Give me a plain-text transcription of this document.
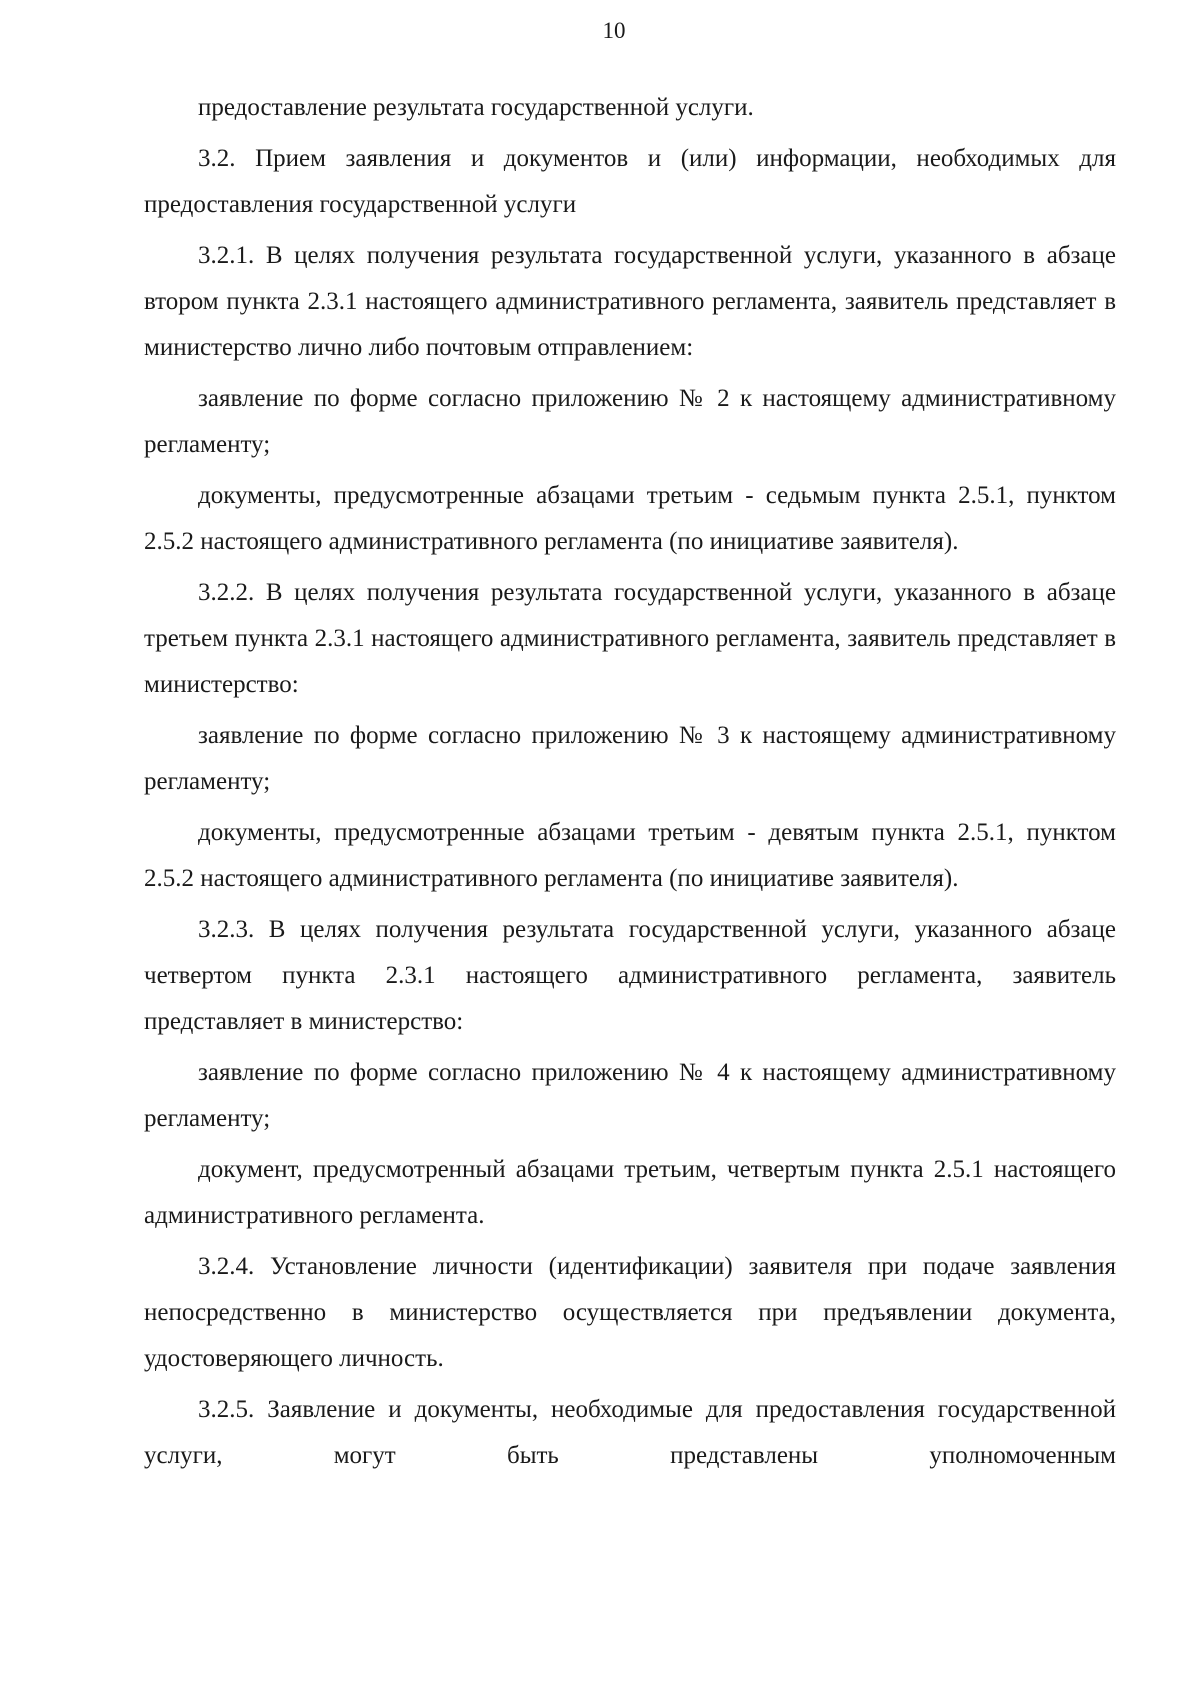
10

предоставление результата государственной услуги.

3.2. Прием заявления и документов и (или) информации, необходимых для предоставления государственной услуги

3.2.1. В целях получения результата государственной услуги, указанного в абзаце втором пункта 2.3.1 настоящего административного регламента, заявитель представляет в министерство лично либо почтовым отправлением:

заявление по форме согласно приложению № 2 к настоящему административному регламенту;

документы, предусмотренные абзацами третьим - седьмым пункта 2.5.1, пунктом 2.5.2 настоящего административного регламента (по инициативе заявителя).

3.2.2. В целях получения результата государственной услуги, указанного в абзаце третьем пункта 2.3.1 настоящего административного регламента, заявитель представляет в министерство:

заявление по форме согласно приложению № 3 к настоящему административному регламенту;

документы, предусмотренные абзацами третьим - девятым пункта 2.5.1, пунктом 2.5.2 настоящего административного регламента (по инициативе заявителя).

3.2.3. В целях получения результата государственной услуги, указанного абзаце четвертом пункта 2.3.1 настоящего административного регламента, заявитель представляет в министерство:

заявление по форме согласно приложению № 4 к настоящему административному регламенту;

документ, предусмотренный абзацами третьим, четвертым пункта 2.5.1 настоящего административного регламента.

3.2.4. Установление личности (идентификации) заявителя при подаче заявления непосредственно в министерство осуществляется при предъявлении документа, удостоверяющего личность.

3.2.5. Заявление и документы, необходимые для предоставления государственной услуги, могут быть представлены уполномоченным
